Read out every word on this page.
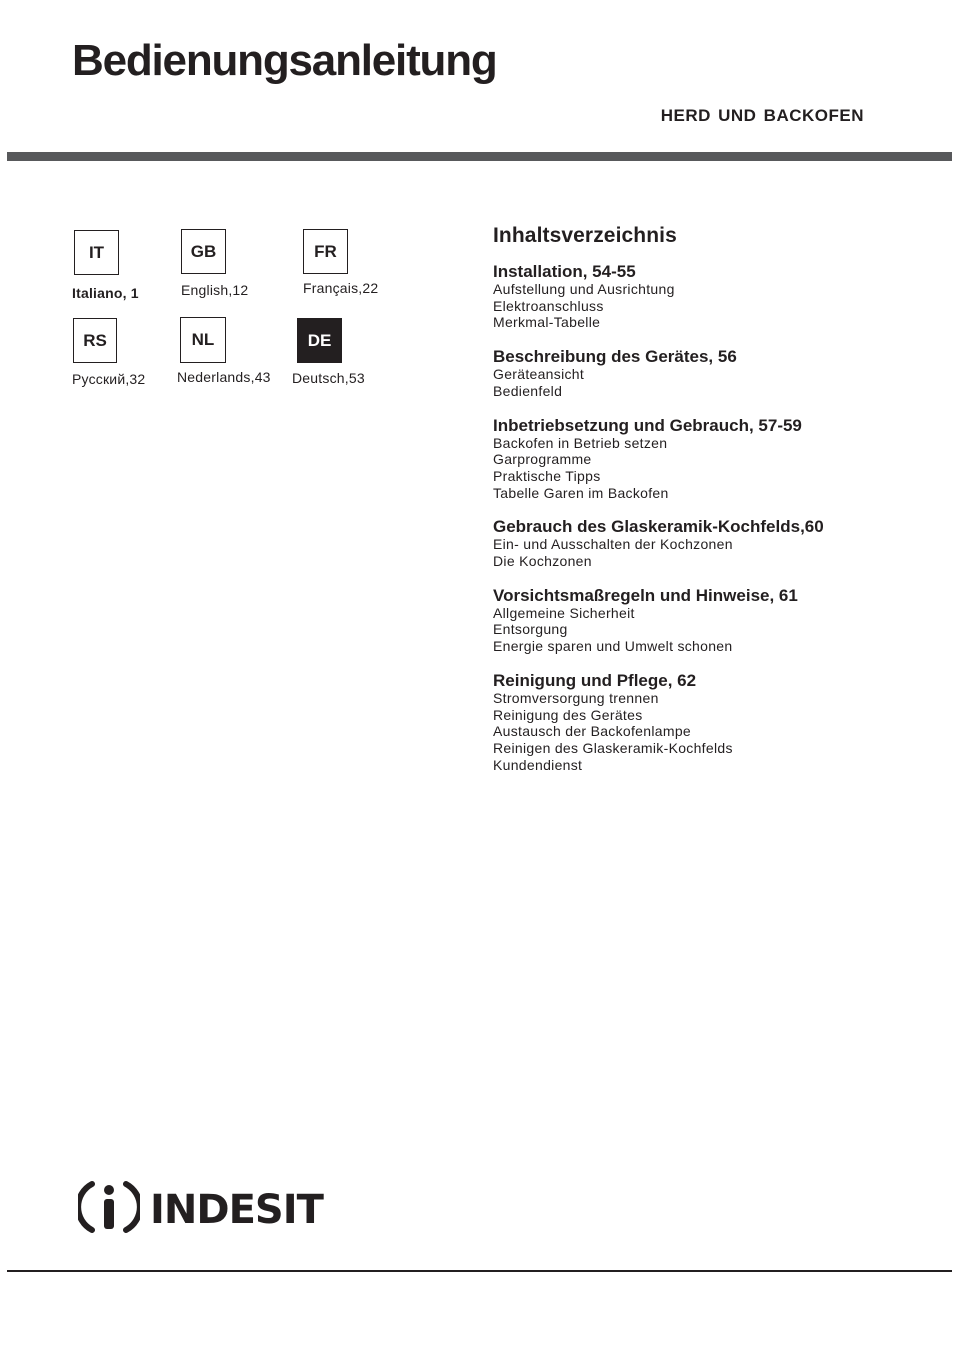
Bedienungsanleitung
HERD UND BACKOFEN
IT
Italiano, 1
GB
English,12
FR
Français,22
RS
Русский,32
NL
Nederlands,43
DE
Deutsch,53
Inhaltsverzeichnis
Installation, 54-55
Aufstellung und Ausrichtung
Elektroanschluss
Merkmal-Tabelle
Beschreibung des Gerätes, 56
Geräteansicht
Bedienfeld
Inbetriebsetzung und Gebrauch, 57-59
Backofen in Betrieb setzen
Garprogramme
Praktische Tipps
Tabelle Garen im Backofen
Gebrauch des Glaskeramik-Kochfelds,60
Ein- und Ausschalten der Kochzonen
Die Kochzonen
Vorsichtsmaßregeln und Hinweise, 61
Allgemeine Sicherheit
Entsorgung
Energie sparen und Umwelt schonen
Reinigung und Pflege, 62
Stromversorgung trennen
Reinigung des Gerätes
Austausch der Backofenlampe
Reinigen des Glaskeramik-Kochfelds
Kundendienst
INDESIT
